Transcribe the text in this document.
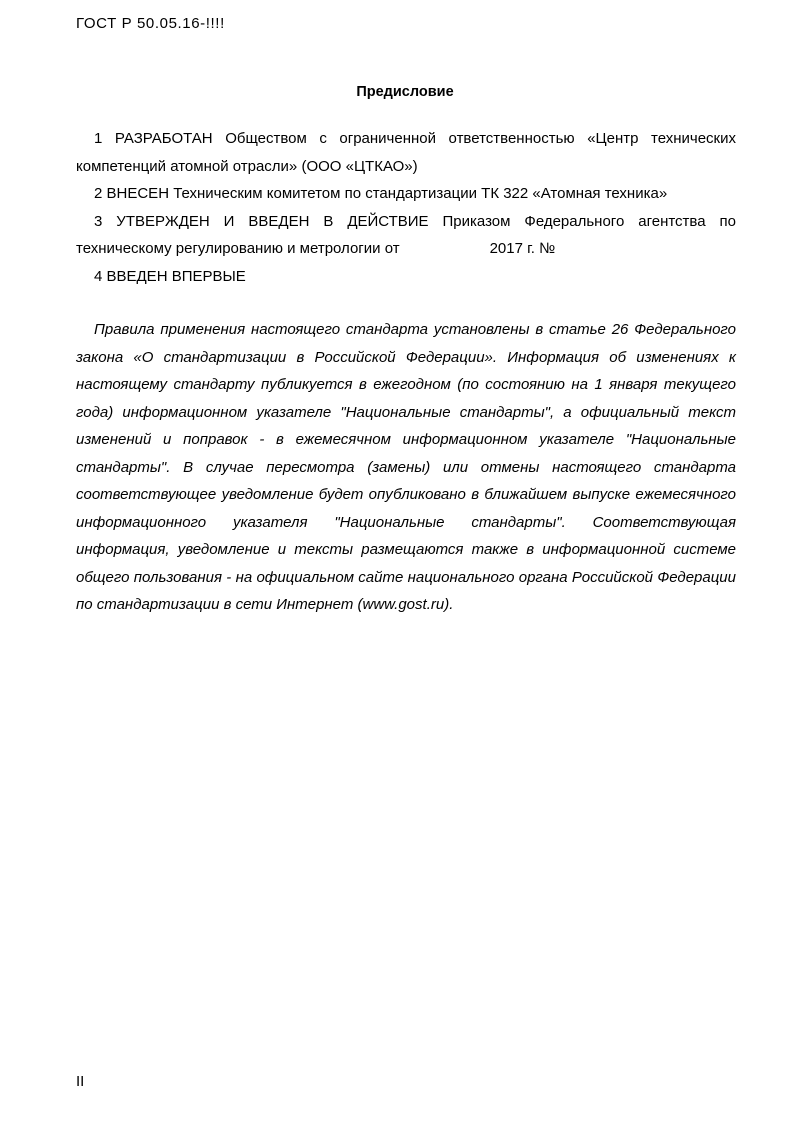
ГОСТ Р 50.05.16-!!!!
Предисловие

1 РАЗРАБОТАН Обществом с ограниченной ответственностью «Центр технических компетенций атомной отрасли» (ООО «ЦТКАО»)

2 ВНЕСЕН Техническим комитетом по стандартизации ТК 322 «Атомная техника»

3 УТВЕРЖДЕН И ВВЕДЕН В ДЕЙСТВИЕ Приказом Федерального агентства по техническому регулированию и метрологии от	2017 г. №

4 ВВЕДЕН ВПЕРВЫЕ

Правила применения настоящего стандарта установлены в статье 26 Федерального закона «О стандартизации в Российской Федерации». Информация об изменениях к настоящему стандарту публикуется в ежегодном (по состоянию на 1 января текущего года) информационном указателе "Национальные стандарты", а официальный текст изменений и поправок - в ежемесячном информационном указателе "Национальные стандарты". В случае пересмотра (замены) или отмены настоящего стандарта соответствующее уведомление будет опубликовано в ближайшем выпуске ежемесячного информационного указателя "Национальные стандарты". Соответствующая информация, уведомление и тексты размещаются также в информационной системе общего пользования - на официальном сайте национального органа Российской Федерации по стандартизации в сети Интернет (www.gost.ru).

II
